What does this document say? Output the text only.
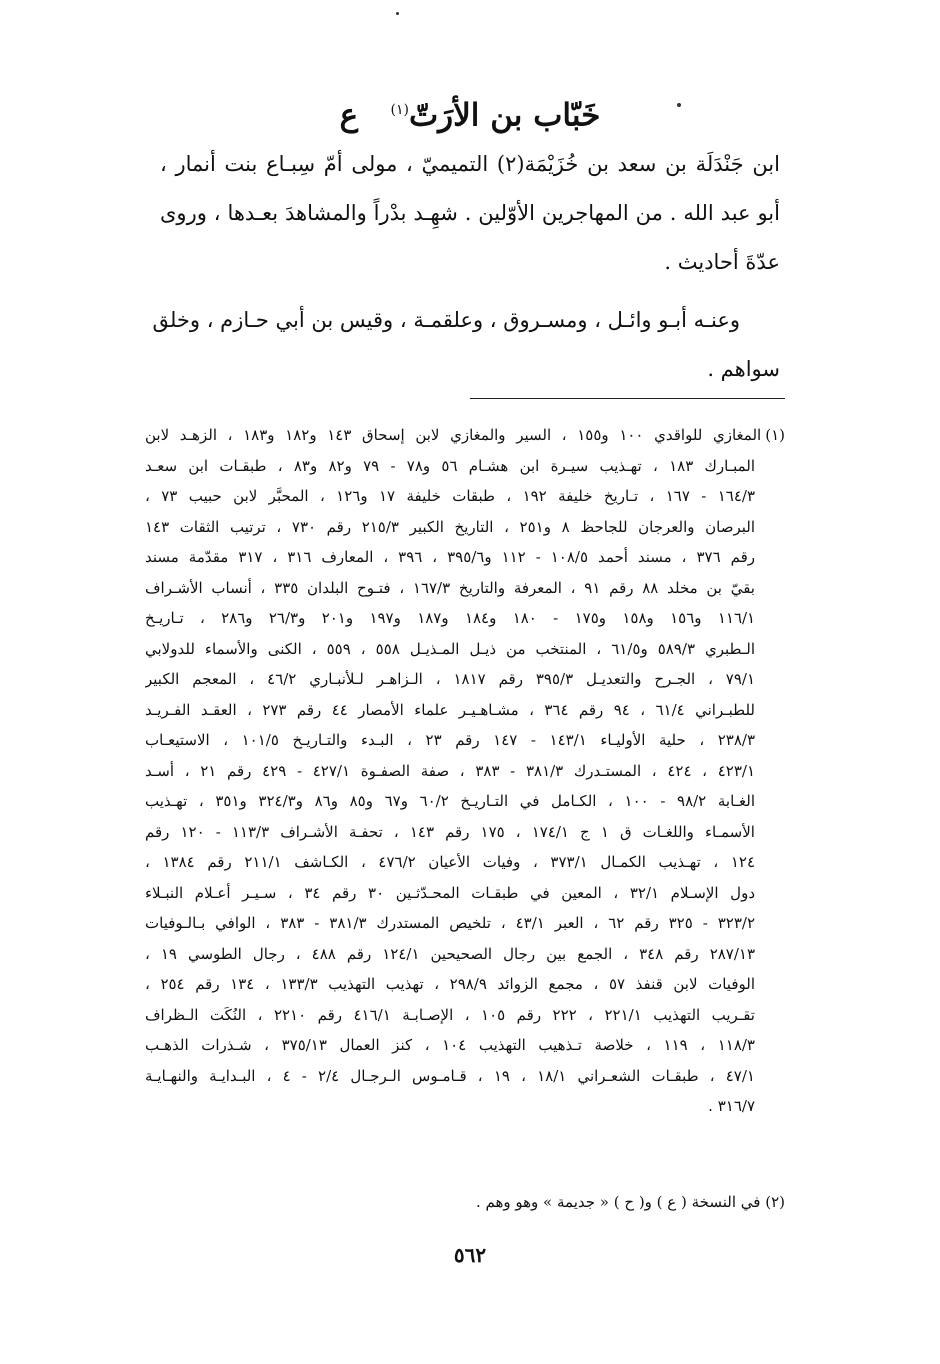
خَبّاب بن الأرَتّ$^{(١)}$   ع
ابن جَنْدَلَة بن سعد بن خُزَيْمَة(٢) التميميّ ، مولى أمّ سِبـاع بنت أنمار ،
أبو عبد الله . من المهاجرين الأوّلين . شهِـد بدْراً والمشاهدَ بعـدها ، وروى
عدّةَ أحاديث .
وعنـه أبـو وائـل ، ومسـروق ، وعلقمـة ، وقيس بن أبي حـازم ، وخلق
سواهم .
(١)المغازي للواقدي ١٠٠ و١٥٥ ، السير والمغازي لابن إسحاق ١٤٣ و١٨٢ و١٨٣ ، الزهـد لابن
المبـارك ١٨٣ ، تهـذيب سيـرة ابن هشـام ٥٦ و٧٨ - ٧٩ و٨٢ و٨٣ ، طبقـات ابن سعـد
١٦٤/٣ - ١٦٧ ، تـاريخ خليفة ١٩٢ ، طبقات خليفة ١٧ و١٢٦ ، المحبَّر لابن حبيب ٧٣ ،
البرصان والعرجان للجاحظ ٨ و٢٥١ ، التاريخ الكبير ٢١٥/٣ رقم ٧٣٠ ، ترتيب الثقات ١٤٣
رقم ٣٧٦ ، مسند أحمد ١٠٨/٥ - ١١٢ و٣٩٥/٦ ، ٣٩٦ ، المعارف ٣١٦ ، ٣١٧ مقدّمة مسند
بقيّ بن مخلد ٨٨ رقم ٩١ ، المعرفة والتاريخ ١٦٧/٣ ، فتـوح البلدان ٣٣٥ ، أنساب الأشـراف
١١٦/١ و١٥٦ و١٥٨ و١٧٥ - ١٨٠ و١٨٤ و١٨٧ و١٩٧ و٢٠١ و٢٦/٣ و٢٨٦ ، تـاريـخ
الـطبري ٥٨٩/٣ و٦١/٥ ، المنتخب من ذيـل المـذيـل ٥٥٨ ، ٥٥٩ ، الكنى والأسماء للدولابي
٧٩/١ ، الجـرح والتعديـل ٣٩٥/٣ رقم ١٨١٧ ، الـزاهـر لـلأنبـاري ٤٦/٢ ، المعجم الكبير
للطبـراني ٦١/٤ ، ٩٤ رقم ٣٦٤ ، مشـاهـيـر علماء الأمصار ٤٤ رقم ٢٧٣ ، العقـد الفـريـد
٢٣٨/٣ ، حلية الأوليـاء ١٤٣/١ - ١٤٧ رقم ٢٣ ، البـدء والتـاريـخ ١٠١/٥ ، الاستيعـاب
٤٢٣/١ ، ٤٢٤ ، المستـدرك ٣٨١/٣ - ٣٨٣ ، صفة الصفـوة ٤٢٧/١ - ٤٢٩ رقم ٢١ ، أسـد
الغـابة ٩٨/٢ - ١٠٠ ، الكـامل في التـاريـخ ٦٠/٢ و٦٧ و٨٥ و٨٦ و٣٢٤/٣ و٣٥١ ، تهـذيب
الأسمـاء واللغـات ق ١ ج ١٧٤/١ ، ١٧٥ رقم ١٤٣ ، تحفـة الأشـراف ١١٣/٣ - ١٢٠ رقم
١٢٤ ، تهـذيب الكمـال ٣٧٣/١ ، وفيات الأعيان ٤٧٦/٢ ، الكـاشف ٢١١/١ رقم ١٣٨٤ ،
دول الإسـلام ٣٢/١ ، المعين في طبقـات المحـدّثـين ٣٠ رقم ٣٤ ، سـيـر أعـلام النبـلاء
٣٢٣/٢ - ٣٢٥ رقم ٦٢ ، العبر ٤٣/١ ، تلخيص المستدرك ٣٨١/٣ - ٣٨٣ ، الوافي بـالـوفيات
٢٨٧/١٣ رقم ٣٤٨ ، الجمع بين رجال الصحيحين ١٢٤/١ رقم ٤٨٨ ، رجال الطوسي ١٩ ،
الوفيات لابن قنفذ ٥٧ ، مجمع الزوائد ٢٩٨/٩ ، تهذيب التهذيب ١٣٣/٣ ، ١٣٤ رقم ٢٥٤ ،
تقـريب التهذيب ٢٢١/١ ، ٢٢٢ رقم ١٠٥ ، الإصـابـة ٤١٦/١ رقم ٢٢١٠ ، النُكَت الـظراف
١١٨/٣ ، ١١٩ ، خلاصة تـذهيب التهذيب ١٠٤ ، كنز العمال ٣٧٥/١٣ ، شـذرات الذهـب
٤٧/١ ، طبقـات الشعـراني ١٨/١ ، ١٩ ، قـامـوس الـرجـال ٢/٤ - ٤ ، البـدايـة والنهـايـة
٣١٦/٧ .
(٢) في النسخة ( ع ) و( ح ) « جديمة » وهو وهم .
٥٦٢
